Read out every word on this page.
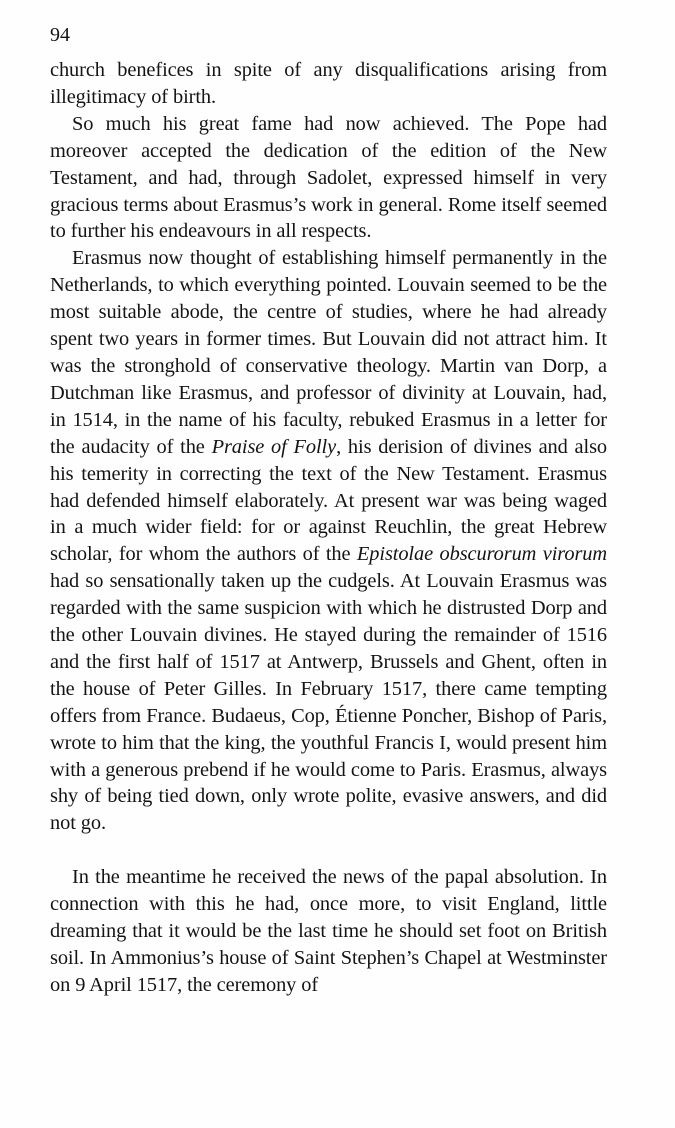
94

church benefices in spite of any disqualifications arising from illegitimacy of birth.

So much his great fame had now achieved. The Pope had moreover accepted the dedication of the edition of the New Testament, and had, through Sadolet, expressed himself in very gracious terms about Erasmus’s work in general. Rome itself seemed to further his endeavours in all respects.

Erasmus now thought of establishing himself permanently in the Netherlands, to which everything pointed. Louvain seemed to be the most suitable abode, the centre of studies, where he had already spent two years in former times. But Louvain did not attract him. It was the stronghold of conservative theology. Martin van Dorp, a Dutchman like Erasmus, and professor of divinity at Louvain, had, in 1514, in the name of his faculty, rebuked Erasmus in a letter for the audacity of the Praise of Folly, his derision of divines and also his temerity in correcting the text of the New Testament. Erasmus had defended himself elaborately. At present war was being waged in a much wider field: for or against Reuchlin, the great Hebrew scholar, for whom the authors of the Epistolae obscurorum virorum had so sensationally taken up the cudgels. At Louvain Erasmus was regarded with the same suspicion with which he distrusted Dorp and the other Louvain divines. He stayed during the remainder of 1516 and the first half of 1517 at Antwerp, Brussels and Ghent, often in the house of Peter Gilles. In February 1517, there came tempting offers from France. Budaeus, Cop, Étienne Poncher, Bishop of Paris, wrote to him that the king, the youthful Francis I, would present him with a generous prebend if he would come to Paris. Erasmus, always shy of being tied down, only wrote polite, evasive answers, and did not go.

In the meantime he received the news of the papal absolution. In connection with this he had, once more, to visit England, little dreaming that it would be the last time he should set foot on British soil. In Ammonius’s house of Saint Stephen’s Chapel at Westminster on 9 April 1517, the ceremony of
